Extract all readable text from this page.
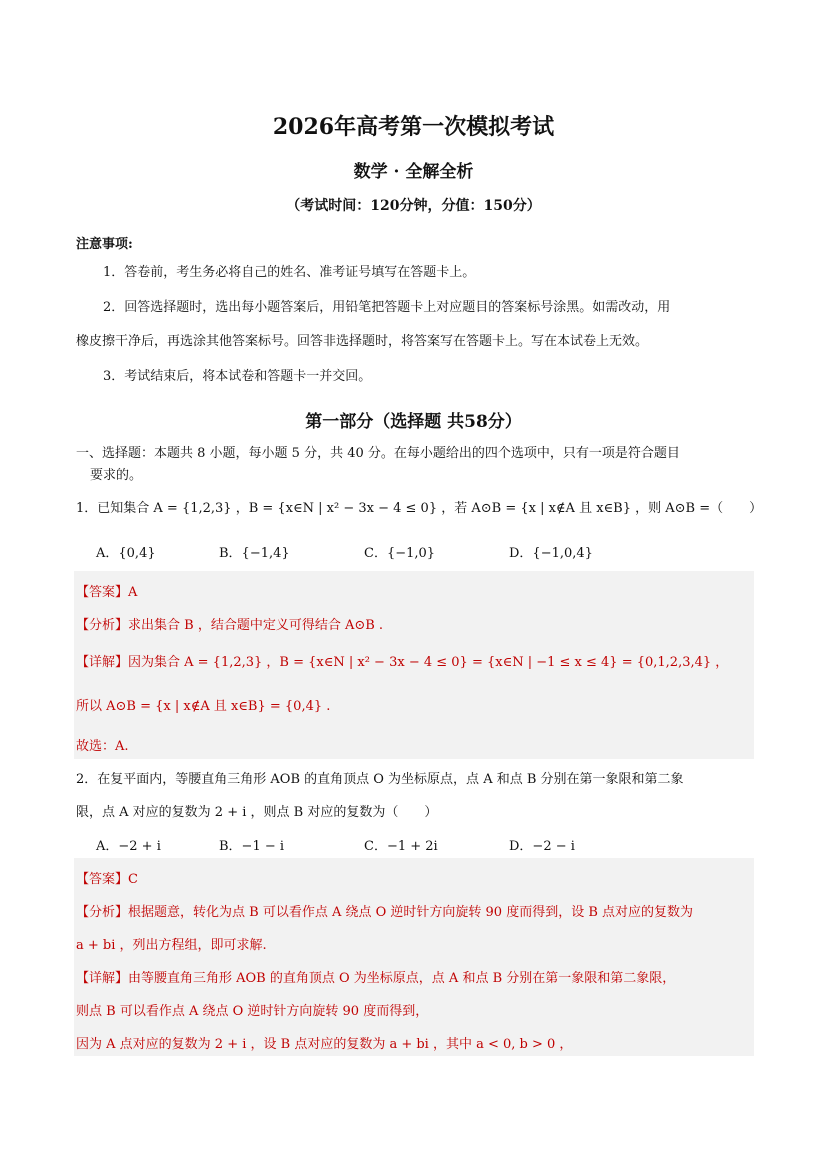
2026年高考第一次模拟考试
数学 · 全解全析
（考试时间：120分钟，分值：150分）
注意事项:
1．答卷前，考生务必将自己的姓名、准考证号填写在答题卡上。
2．回答选择题时，选出每小题答案后，用铅笔把答题卡上对应题目的答案标号涂黑。如需改动，用
橡皮擦干净后，再选涂其他答案标号。回答非选择题时，将答案写在答题卡上。写在本试卷上无效。
3．考试结束后，将本试卷和答题卡一并交回。
第一部分（选择题 共58分）
一、选择题：本题共 8 小题，每小题 5 分，共 40 分。在每小题给出的四个选项中，只有一项是符合题目
要求的。
1．已知集合 A = {1,2,3} ，B = {x∈N | x² − 3x − 4 ≤ 0} ，若 A⊙B = {x | x∉A 且 x∈B} ，则 A⊙B =（　　）
A．{0,4}	B．{−1,4}	C．{−1,0}	D．{−1,0,4}
【答案】A
【分析】求出集合 B ，结合题中定义可得结合 A⊙B .
【详解】因为集合 A = {1,2,3} ，B = {x∈N | x² − 3x − 4 ≤ 0} = {x∈N | −1 ≤ x ≤ 4} = {0,1,2,3,4} ，
所以 A⊙B = {x | x∉A 且 x∈B} = {0,4} .
故选：A.
2．在复平面内，等腰直角三角形 AOB 的直角顶点 O 为坐标原点，点 A 和点 B 分别在第一象限和第二象
限，点 A 对应的复数为 2 + i ，则点 B 对应的复数为（　　）
A．−2 + i	B．−1 − i	C．−1 + 2i	D．−2 − i
【答案】C
【分析】根据题意，转化为点 B 可以看作点 A 绕点 O 逆时针方向旋转 90 度而得到，设 B 点对应的复数为
a + bi ，列出方程组，即可求解.
【详解】由等腰直角三角形 AOB 的直角顶点 O 为坐标原点，点 A 和点 B 分别在第一象限和第二象限，
则点 B 可以看作点 A 绕点 O 逆时针方向旋转 90 度而得到，
因为 A 点对应的复数为 2 + i ，设 B 点对应的复数为 a + bi ，其中 a < 0, b > 0 ，
